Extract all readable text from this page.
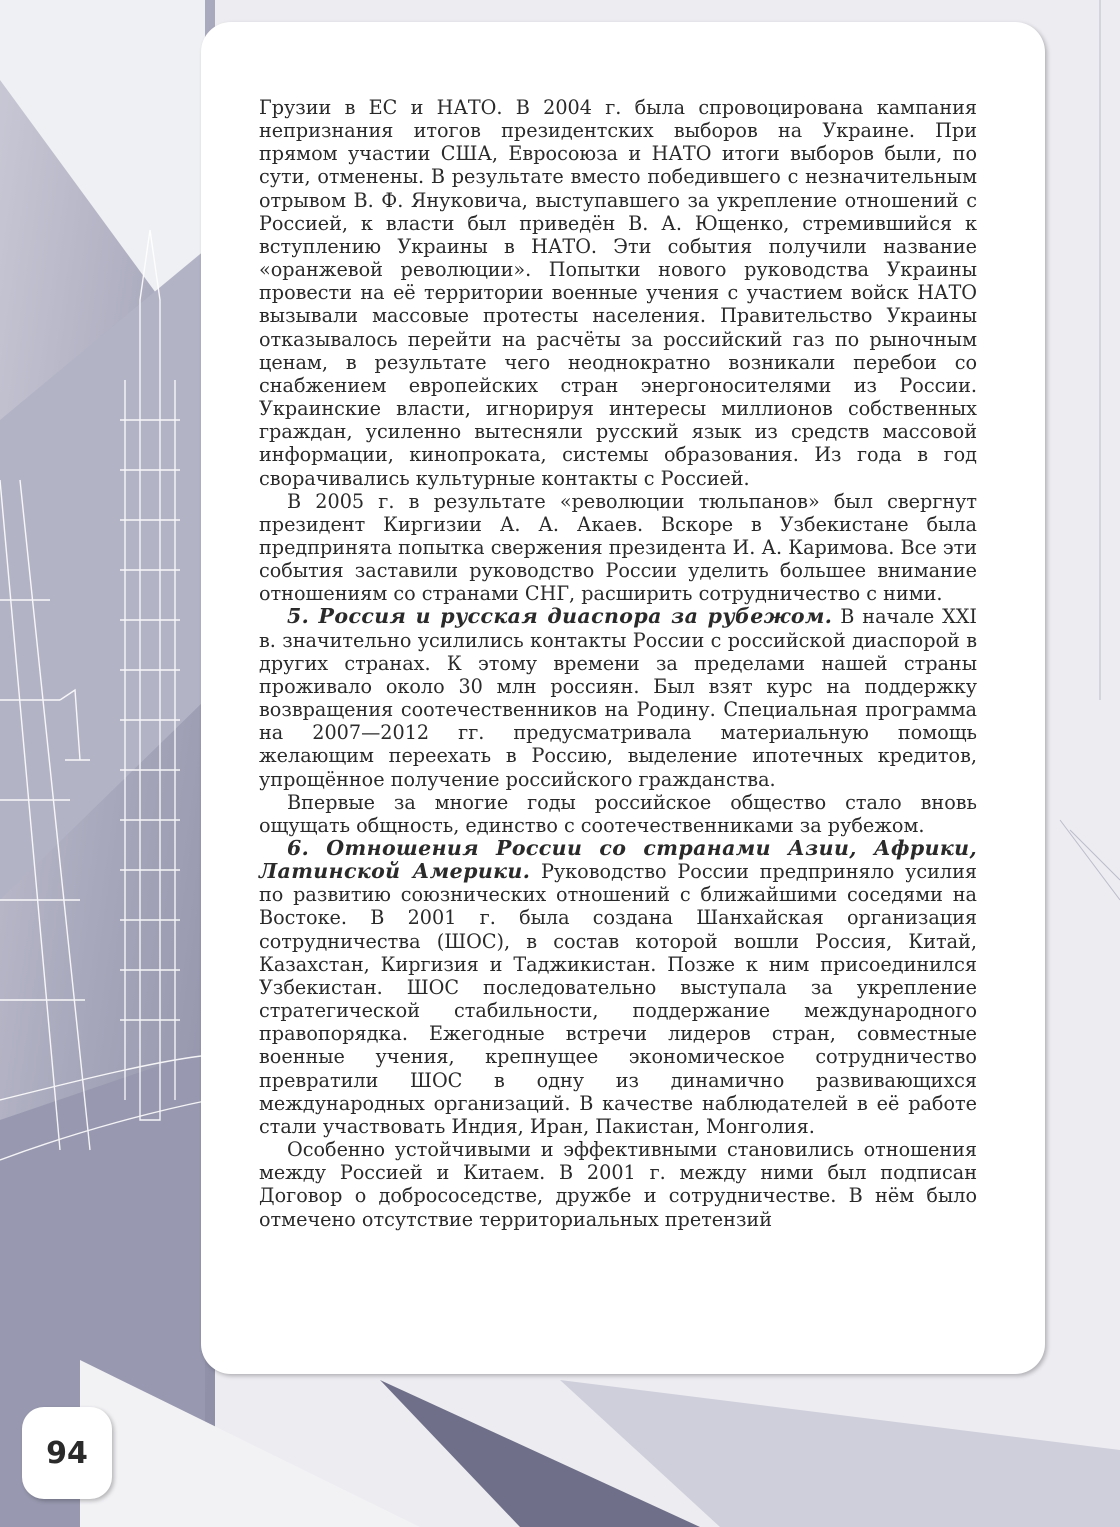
Грузии в ЕС и НАТО. В 2004 г. была спровоцирована кампания непризнания итогов президентских выборов на Украине. При прямом участии США, Евросоюза и НАТО итоги выборов были, по сути, отменены. В результате вместо победившего с незначительным отрывом В. Ф. Януковича, выступавшего за укрепление отношений с Россией, к власти был приведён В. А. Ющенко, стремившийся к вступлению Украины в НАТО. Эти события получили название «оранжевой революции». Попытки нового руководства Украины провести на её территории военные учения с участием войск НАТО вызывали массовые протесты населения. Правительство Украины отказывалось перейти на расчёты за российский газ по рыночным ценам, в результате чего неоднократно возникали перебои со снабжением европейских стран энергоносителями из России. Украинские власти, игнорируя интересы миллионов собственных граждан, усиленно вытесняли русский язык из средств массовой информации, кинопроката, системы образования. Из года в год сворачивались культурные контакты с Россией.

В 2005 г. в результате «революции тюльпанов» был свергнут президент Киргизии А. А. Акаев. Вскоре в Узбекистане была предпринята попытка свержения президента И. А. Каримова. Все эти события заставили руководство России уделить большее внимание отношениям со странами СНГ, расширить сотрудничество с ними.

5. Россия и русская диаспора за рубежом. В начале XXI в. значительно усилились контакты России с российской диаспорой в других странах. К этому времени за пределами нашей страны проживало около 30 млн россиян. Был взят курс на поддержку возвращения соотечественников на Родину. Специальная программа на 2007—2012 гг. предусматривала материальную помощь желающим переехать в Россию, выделение ипотечных кредитов, упрощённое получение российского гражданства.

Впервые за многие годы российское общество стало вновь ощущать общность, единство с соотечественниками за рубежом.

6. Отношения России со странами Азии, Африки, Латинской Америки. Руководство России предприняло усилия по развитию союзнических отношений с ближайшими соседями на Востоке. В 2001 г. была создана Шанхайская организация сотрудничества (ШОС), в состав которой вошли Россия, Китай, Казахстан, Киргизия и Таджикистан. Позже к ним присоединился Узбекистан. ШОС последовательно выступала за укрепление стратегической стабильности, поддержание международного правопорядка. Ежегодные встречи лидеров стран, совместные военные учения, крепнущее экономическое сотрудничество превратили ШОС в одну из динамично развивающихся международных организаций. В качестве наблюдателей в её работе стали участвовать Индия, Иран, Пакистан, Монголия.

Особенно устойчивыми и эффективными становились отношения между Россией и Китаем. В 2001 г. между ними был подписан Договор о добрососедстве, дружбе и сотрудничестве. В нём было отмечено отсутствие территориальных претензий

94
